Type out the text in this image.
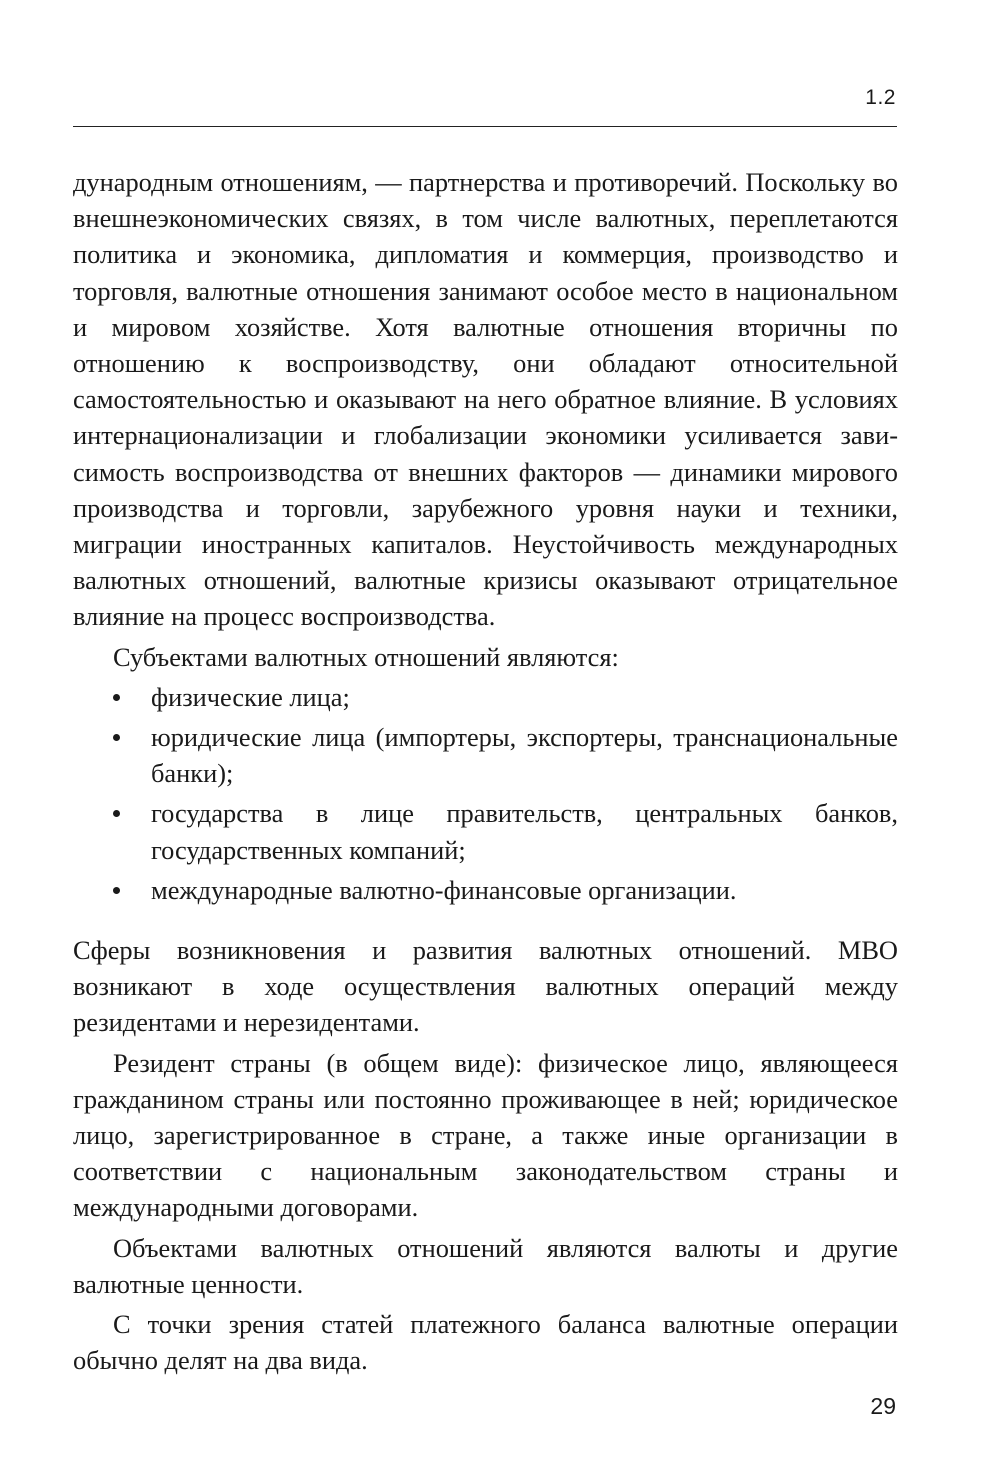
1.2

дународным отношениям, — партнерства и противоречий. Поскольку во внешнеэкономических связях, в том числе валютных, переплетаются политика и экономика, дипломатия и коммерция, производство и торговля, валютные отношения занимают особое место в национальном и мировом хозяйстве. Хотя валютные отношения вторичны по отношению к воспроизводству, они обладают относительной самостоятельностью и оказывают на него обратное влияние. В условиях интернационализации и глобализации экономики усиливается зависимость воспроизводства от внешних факторов — динамики мирового производства и торговли, зарубежного уровня науки и техники, миграции иностранных капиталов. Неустойчивость международных валютных отношений, валютные кризисы оказывают отрицательное влияние на процесс воспроизводства.

Субъектами валютных отношений являются:

физические лица;
юридические лица (импортеры, экспортеры, транснациональные банки);
государства в лице правительств, центральных банков, государственных компаний;
международные валютно-финансовые организации.

Сферы возникновения и развития валютных отношений. МВО возникают в ходе осуществления валютных операций между резидентами и нерезидентами.

Резидент страны (в общем виде): физическое лицо, являющееся гражданином страны или постоянно проживающее в ней; юридическое лицо, зарегистрированное в стране, а также иные организации в соответствии с национальным законодательством страны и международными договорами.

Объектами валютных отношений являются валюты и другие валютные ценности.

С точки зрения статей платежного баланса валютные операции обычно делят на два вида.

29
